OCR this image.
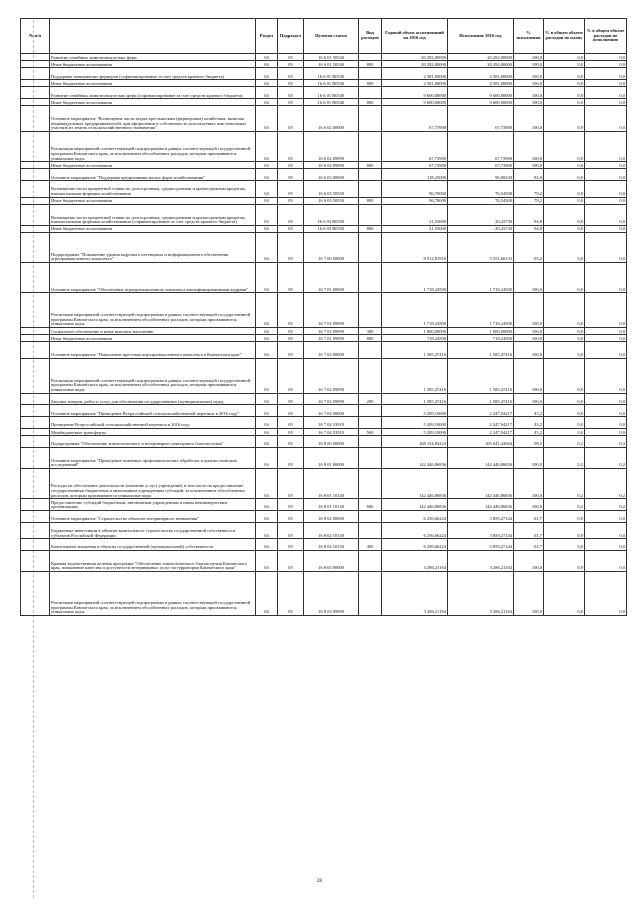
№ п/п		Раздел	Подраздел	Целевая статья	Вид расходов	Годовой объем ассигнований на 2016 год	Исполнение 2016 год	% исполнения	% в общем объеме расходов по плану	% в общем объеме расходов по исполнению
	Развитие семейных животноводческих ферм	04	05	16 6 01 50540		20 292,00000	20 292,00000	100,0	0,0	0,0
	Иные бюджетные ассигнования	04	05	16 6 01 50540	800	20 292,00000	20 292,00000	100,0	0,0	0,0
	Поддержка начинающих фермеров (софинансирование за счет средств краевого бюджета)	04	05	16 6 01 R0530		2 581,00000	2 581,00000	100,0	0,0	0,0
	Иные бюджетные ассигнования	04	05	16 6 01 R0530	800	2 581,00000	2 581,00000	100,0	0,0	0,0
	Развитие семейных животноводческих ферм (софинансирование за счет средств краевого бюджета)	04	05	16 6 01 R0540		9 600,00000	9 600,00000	100,0	0,0	0,0
	Иные бюджетные ассигнования	04	05	16 6 01 R0540	800	9 600,00000	9 600,00000	100,0	0,0	0,0
	Основное мероприятие "Возмещение части затрат крестьянским (фермерским) хозяйствам, включая индивидуальных предпринимателей, при оформлении в собственность используемых ими земельных участков из земель сельскохозяйственного назначения"	04	05	16 6 02 00000		67,73900	67,73900	100,0	0,0	0,0
	Реализация мероприятий соответствующей подпрограммы в рамках соответствующей государственной программы Камчатского края, за исключением обособленных расходов, которым присваиваются уникальные коды	04	05	16 6 02 09990		67,73900	67,73900	100,0	0,0	0,0
	Иные бюджетные ассигнования	04	05	16 6 02 09990	800	67,73900	67,73900	100,0	0,0	0,0
	Основное мероприятие "Поддержка кредитования малых форм хозяйствования"	04	05	16 6 03 00000		118,25000	96,98230	82,0	0,0	0,0
	Возмещение части процентной ставки по долгосрочным, среднесрочным и краткосрочным кредитам, взятым малыми формами хозяйствования	04	05	16 6 03 50550		96,70000	76,54500	79,2	0,0	0,0
	Иные бюджетные ассигнования	04	05	16 6 03 50550	800	96,70000	76,54500	79,2	0,0	0,0
	Возмещение части процентной ставки по долгосрочным, среднесрочным и краткосрочным кредитам, взятым малыми формами хозяйствования (софинансирование за счет средств краевого бюджета)	04	05	16 6 03 R0550		21,55000	20,43730	94,8	0,0	0,0
	Иные бюджетные ассигнования	04	05	16 6 03 R0550	800	21,55000	20,43730	94,8	0,0	0,0
	Подпрограмма "Повышение уровня кадрового потенциала и информационного обеспечения агропромышленного комплекса"	04	05	16 7 00 00000		8 512,81916	5 551,66133	65,2	0,0	0,0
	Основное мероприятие "Обеспечение агропромышленного комплекса квалифицированными кадрами"	04	05	16 7 01 00000		1 718,24500	1 718,24500	100,0	0,0	0,0
	Реализация мероприятий соответствующей подпрограммы в рамках соответствующей государственной программы Камчатского края, за исключением обособленных расходов, которым присваиваются уникальные коды	04	05	16 7 01 09990		1 718,24500	1 718,24500	100,0	0,0	0,0
	Социальное обеспечение и иные выплаты населению	04	05	16 7 01 09990	300	1 000,00000	1 000,00000	100,0	0,0	0,0
	Иные бюджетные ассигнования	04	05	16 7 01 09990	800	718,24500	718,24500	100,0	0,0	0,0
	Основное мероприятие "Повышение престижа агропромышленного комплекса в Камчатском крае"	04	05	16 7 02 00000		1 585,47416	1 585,47416	100,0	0,0	0,0
	Реализация мероприятий соответствующей подпрограммы в рамках соответствующей государственной программы Камчатского края, за исключением обособленных расходов, которым присваиваются уникальные коды	04	05	16 7 02 09990		1 585,47416	1 585,47416	100,0	0,0	0,0
	Закупка товаров, работ и услуг для обеспечения государственных (муниципальных) нужд	04	05	16 7 02 09990	200	1 585,47416	1 585,47416	100,0	0,0	0,0
	Основное мероприятие "Проведение Всероссийской сельскохозяйственной переписи в 2016 году"	04	05	16 7 04 00000		5 209,10000	2 247,94217	43,2	0,0	0,0
	Проведение Всероссийской сельскохозяйственной переписи в 2016 году	04	05	16 7 04 53910		5 209,10000	2 247,94217	43,2	0,0	0,0
	Межбюджетные трансферты	04	05	16 7 04 53910	500	5 209,10000	2 247,94217	43,2	0,0	0,0
	Подпрограмма "Обеспечение эпизоотического и ветеринарно-санитарного благополучия"	04	05	16 8 00 00000		168 154,84224	165 641,42664	98,5	0,2	0,3
	Основное мероприятие "Проведение плановых профилактических обработок и диагностических исследований"	04	05	16 8 01 00000		142 446,86836	142 446,86836	100,0	0,2	0,2
	Расходы на обеспечение деятельности (оказание услуг) учреждений, в том числе на предоставление государственным бюджетным и автономным учреждениям субсидий, за исключением обособленных расходов, которым присваиваются уникальные коды	04	05	16 8 01 10140		142 446,86836	142 446,86836	100,0	0,2	0,2
	Предоставление субсидий бюджетным, автономным учреждениям и иным некоммерческим организациям	04	05	16 8 01 10140	600	142 446,86836	142 446,86836	100,0	0,2	0,2
	Основное мероприятие "Строительство объектов ветеринарного назначения"	04	05	16 8 02 00000		6 256,66224	3 859,27144	61,7	0,0	0,0
	Бюджетные инвестиции в объекты капитального строительства государственной собственности субъектов Российской Федерации	04	05	16 8 02 10130		6 256,66224	3 859,27144	61,7	0,0	0,0
	Капитальные вложения в объекты государственной (муниципальной) собственности	04	05	16 8 02 10130	400	6 256,66224	3 859,27144	61,7	0,0	0,0
	Краевая ведомственная целевая программа "Обеспечение эпизоотического благополучия Камчатского края, повышение качества и доступности ветеринарных услуг на территории Камчатского края"	04	05	16 8 03 00000		3 286,21164	3 286,21164	100,0	0,0	0,0
	Реализация мероприятий соответствующей подпрограммы в рамках соответствующей государственной программы Камчатского края, за исключением обособленных расходов, которым присваиваются уникальные коды	04	05	16 8 03 09990		3 286,21164	3 286,21164	100,0	0,0	0,0
28
